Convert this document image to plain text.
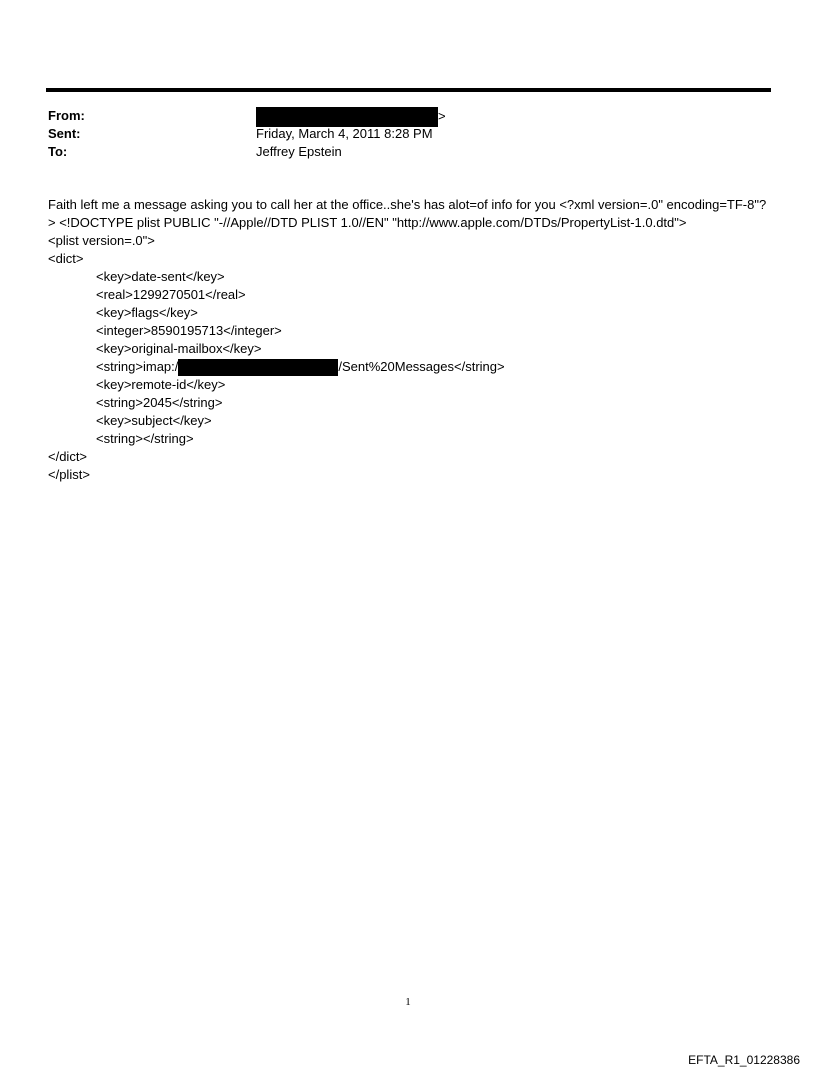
From:	>
Sent:	Friday, March 4, 2011 8:28 PM
To:	Jeffrey Epstein
Faith left me a message asking you to call her at the office..she's has alot=of info for you <?xml version=.0" encoding=TF-8"?> <!DOCTYPE plist PUBLIC "-//Apple//DTD PLIST 1.0//EN" "http://www.apple.com/DTDs/PropertyList-1.0.dtd">
<plist version=.0">
<dict>
<key>date-sent</key>
<real>1299270501</real>
<key>flags</key>
<integer>8590195713</integer>
<key>original-mailbox</key>
<string>imap:/	/Sent%20Messages</string>
<key>remote-id</key>
<string>2045</string>
<key>subject</key>
<string></string>
</dict>
</plist>
1
EFTA_R1_01228386
